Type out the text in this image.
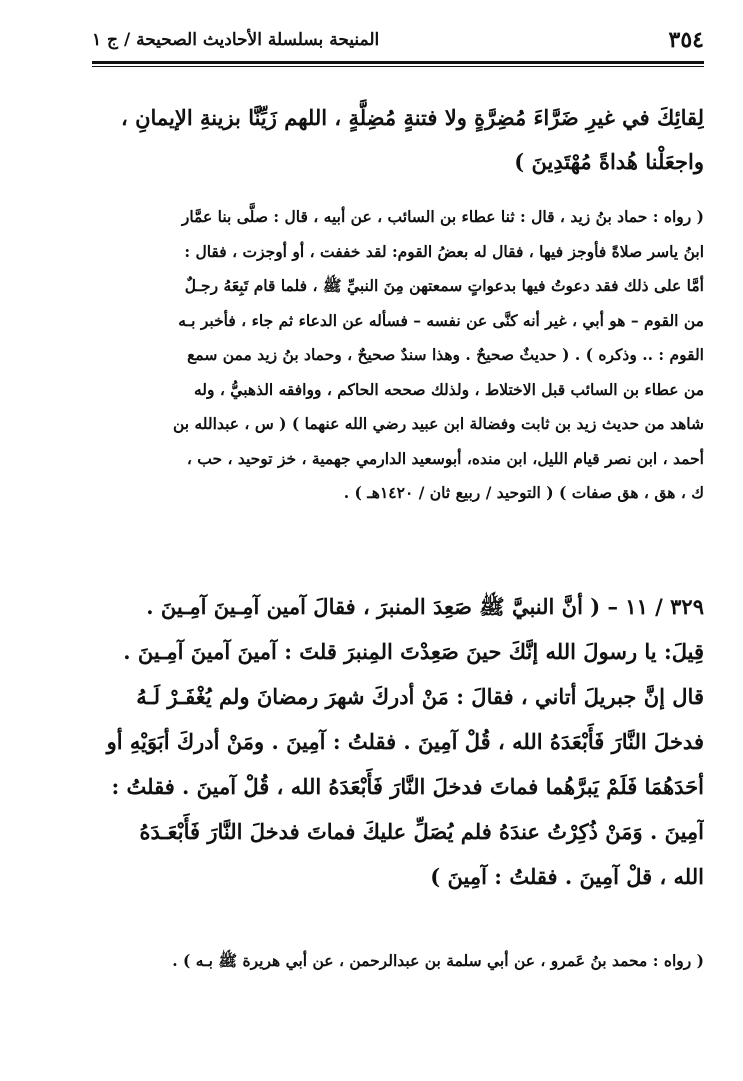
٣٥٤
المنيحة بسلسلة الأحاديث الصحيحة / ج ١
لِقائِكَ في غيرِ ضَرَّاءَ مُضِرَّةٍ ولا فتنةٍ مُضِلَّةٍ ، اللهم زَيِّنَّا بزينةِ الإيمانِ ،
واجعَلْنا هُداةً مُهْتَدِينَ )
( رواه : حماد بنُ زيد ، قال : ثنا عطاء بن السائب ، عن أبيه ، قال : صلَّى بنا عمَّار
ابنُ ياسر صلاةً فأوجز فيها ، فقال له بعضُ القوم: لقد خففت ، أو أوجزت ، فقال :
أمَّا على ذلك فقد دعوتُ فيها بدعواتٍ سمعتهن مِنَ النبيِّ ﷺ ، فلما قام تَبِعَهُ رجـلٌ
من القوم – هو أبي ، غير أنه كنَّى عن نفسه – فسأله عن الدعاء ثم جاء ، فأخبر بـه
القوم : .. وذكره ) . ( حديثٌ صحيحٌ . وهذا سندٌ صحيحٌ ، وحماد بنُ زيد ممن سمع
من عطاء بن السائب قبل الاختلاط ، ولذلك صححه الحاكم ، ووافقه الذهبيُّ ، وله
شاهد من حديث زيد بن ثابت وفضالة ابن عبيد رضي الله عنهما ) ( س ، عبدالله بن
أحمد ، ابن نصر قيام الليل، ابن منده، أبوسعيد الدارمي جهمية ، خز توحيد ، حب ،
ك ، هق ، هق صفات ) ( التوحيد / ربيع ثان / ١٤٢٠هـ ) .
٣٢٩ / ١١ – ( أنَّ النبيَّ ﷺ صَعِدَ المنبرَ ، فقالَ آمين آمِـينَ آمِـينَ .
قِيلَ: يا رسولَ الله إنَّكَ حينَ صَعِدْتَ المِنبرَ قلتَ : آمينَ آمينَ آمِـينَ .
قال إنَّ جبريلَ أتاني ، فقالَ : مَنْ أدركَ شهرَ رمضانَ ولم يُغْفَـرْ لَـهُ
فدخلَ النَّارَ فَأَبْعَدَهُ الله ، قُلْ آمِينَ . فقلتُ : آمِينَ . ومَنْ أدركَ أبَوَيْهِ أو
أحَدَهُمَا فَلَمْ يَبرَّهُما فماتَ فدخلَ النَّارَ فَأَبْعَدَهُ الله ، قُلْ آمينَ . فقلتُ :
آمِينَ . وَمَنْ ذُكِرْتُ عندَهُ فلم يُصَلِّ عليكَ فماتَ فدخلَ النَّارَ فَأَبْعَـدَهُ
الله ، قلْ آمِينَ . فقلتُ : آمِينَ )
( رواه : محمد بنُ عَمرو ، عن أبي سلمة بن عبدالرحمن ، عن أبي هريرة ﷺ بـه ) .
